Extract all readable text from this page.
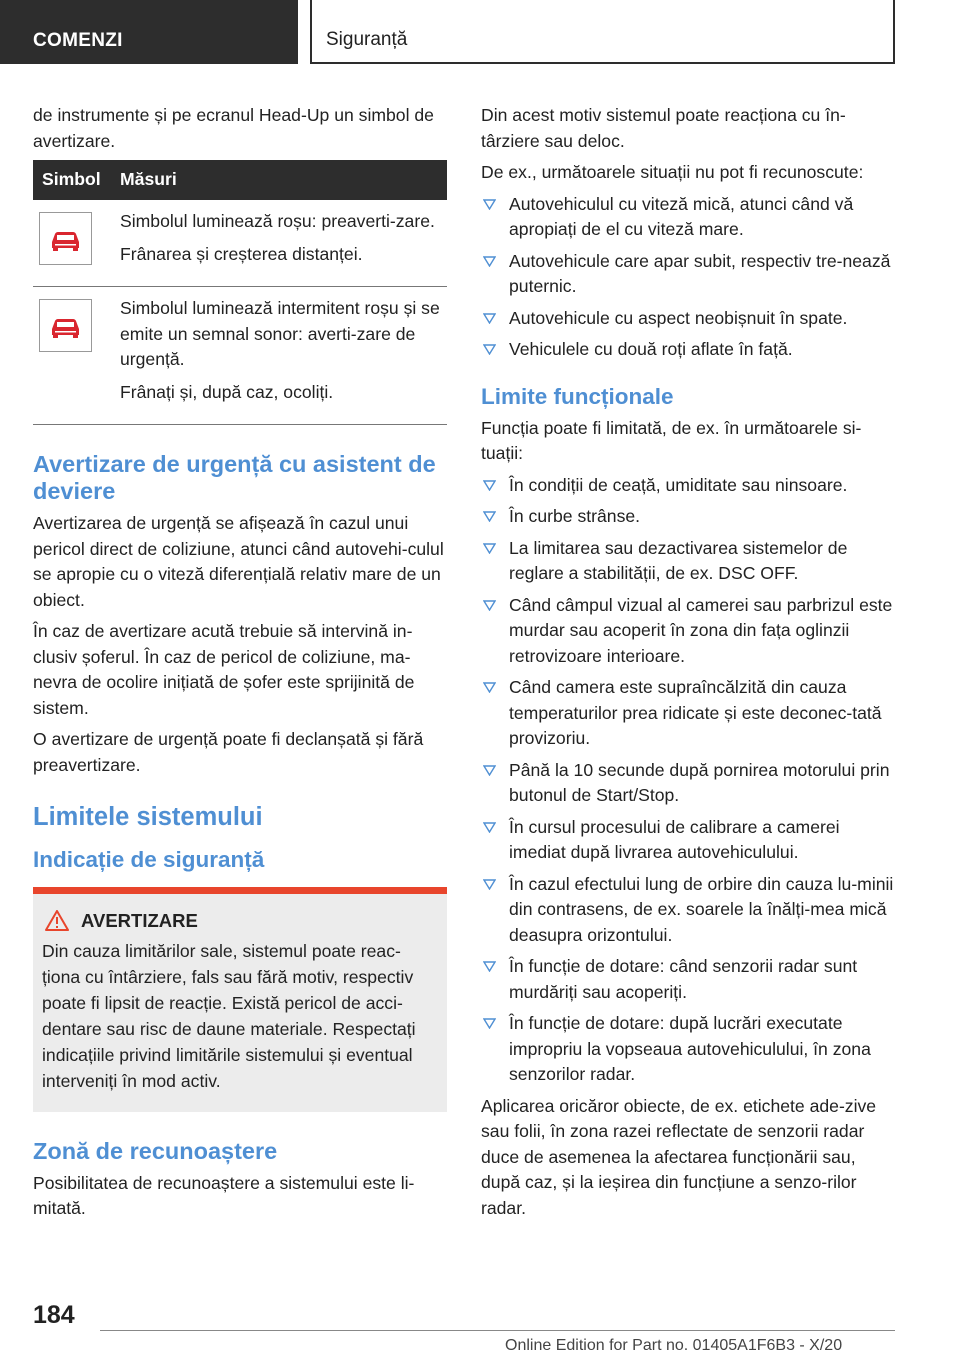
COMENZI	Siguranță

de instrumente și pe ecranul Head-Up un simbol de avertizare.

Simbol	Măsuri

Simbolul luminează roșu: preaverti-zare.

Frânarea și creșterea distanței.

Simbolul luminează intermitent roșu și se emite un semnal sonor: averti-zare de urgență.

Frânați și, după caz, ocoliți.

Avertizare de urgență cu asistent de deviere

Avertizarea de urgență se afișează în cazul unui pericol direct de coliziune, atunci când autovehi-culul se apropie cu o viteză diferențială relativ mare de un obiect.

În caz de avertizare acută trebuie să intervină in-clusiv șoferul. În caz de pericol de coliziune, ma-nevra de ocolire inițiată de șofer este sprijinită de sistem.

O avertizare de urgență poate fi declanșată și fără preavertizare.

Limitele sistemului
Indicație de siguranță
AVERTIZARE

Din cauza limitărilor sale, sistemul poate reac-ționa cu întârziere, fals sau fără motiv, respectiv poate fi lipsit de reacție. Există pericol de acci-dentare sau risc de daune materiale. Respectați indicațiile privind limitările sistemului și eventual interveniți în mod activ.

Zonă de recunoaștere

Posibilitatea de recunoaștere a sistemului este li-mitată.

Din acest motiv sistemul poate reacționa cu în-târziere sau deloc.

De ex., următoarele situații nu pot fi recunoscute:

Autovehiculul cu viteză mică, atunci când vă apropiați de el cu viteză mare.
Autovehicule care apar subit, respectiv tre-nează puternic.
Autovehicule cu aspect neobișnuit în spate.
Vehiculele cu două roți aflate în față.
Limite funcționale

Funcția poate fi limitată, de ex. în următoarele si-tuații:

În condiții de ceață, umiditate sau ninsoare.
În curbe strânse.
La limitarea sau dezactivarea sistemelor de reglare a stabilității, de ex. DSC OFF.
Când câmpul vizual al camerei sau parbrizul este murdar sau acoperit în zona din fața oglinzii retrovizoare interioare.
Când camera este supraîncălzită din cauza temperaturilor prea ridicate și este deconec-tată provizoriu.
Până la 10 secunde după pornirea motorului prin butonul de Start/Stop.
În cursul procesului de calibrare a camerei imediat după livrarea autovehiculului.
În cazul efectului lung de orbire din cauza lu-minii din contrasens, de ex. soarele la înălți-mea mică deasupra orizontului.
În funcție de dotare: când senzorii radar sunt murdăriți sau acoperiți.
În funcție de dotare: după lucrări executate impropriu la vopseaua autovehiculului, în zona senzorilor radar.

Aplicarea oricăror obiecte, de ex. etichete ade-zive sau folii, în zona razei reflectate de senzorii radar duce de asemenea la afectarea funcționării sau, după caz, și la ieșirea din funcțiune a senzo-rilor radar.

184
Online Edition for Part no. 01405A1F6B3 - X/20
